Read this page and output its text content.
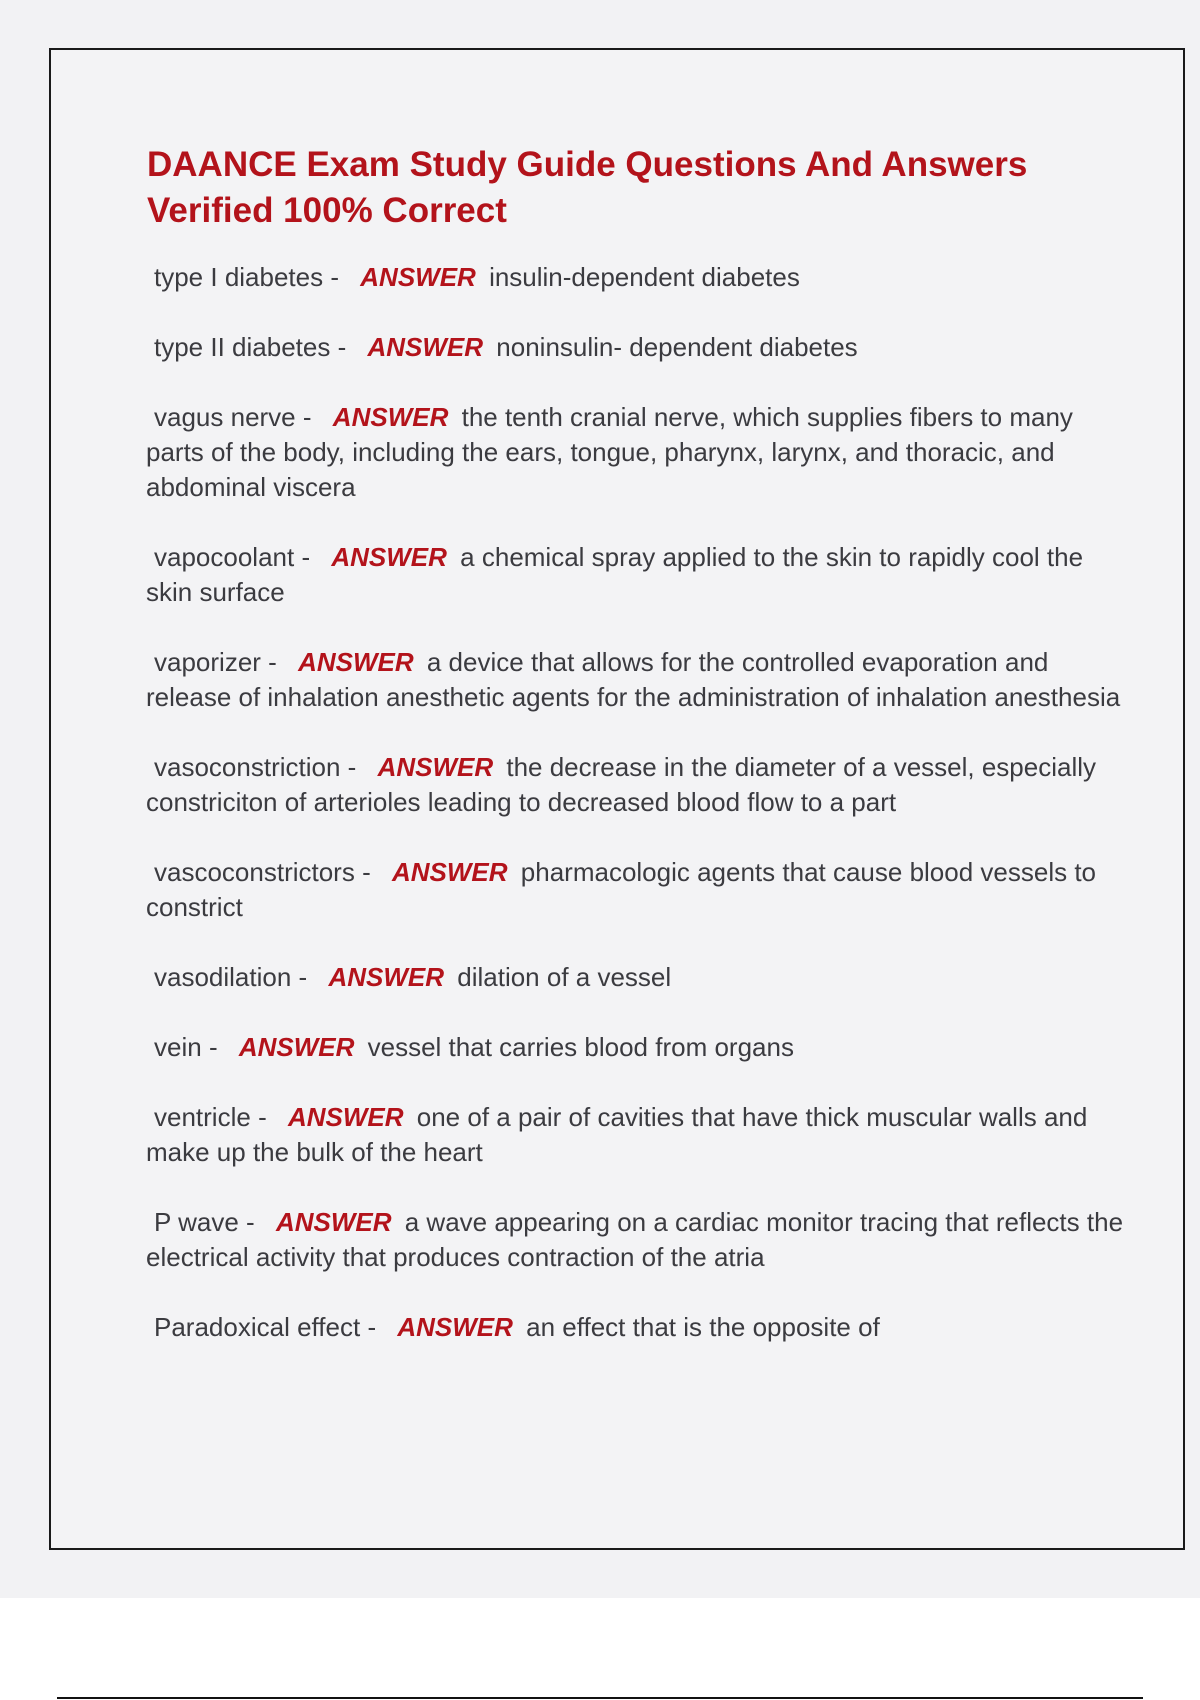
DAANCE Exam Study Guide Questions And Answers Verified 100% Correct
type I diabetes - ANSWER insulin-dependent diabetes
type II diabetes - ANSWER noninsulin- dependent diabetes
vagus nerve - ANSWER the tenth cranial nerve, which supplies fibers to many parts of the body, including the ears, tongue, pharynx, larynx, and thoracic, and abdominal viscera
vapocoolant - ANSWER a chemical spray applied to the skin to rapidly cool the skin surface
vaporizer - ANSWER a device that allows for the controlled evaporation and release of inhalation anesthetic agents for the administration of inhalation anesthesia
vasoconstriction - ANSWER the decrease in the diameter of a vessel, especially constriciton of arterioles leading to decreased blood flow to a part
vascoconstrictors - ANSWER pharmacologic agents that cause blood vessels to constrict
vasodilation - ANSWER dilation of a vessel
vein - ANSWER vessel that carries blood from organs
ventricle - ANSWER one of a pair of cavities that have thick muscular walls and make up the bulk of the heart
P wave - ANSWER a wave appearing on a cardiac monitor tracing that reflects the electrical activity that produces contraction of the atria
Paradoxical effect - ANSWER an effect that is the opposite of
